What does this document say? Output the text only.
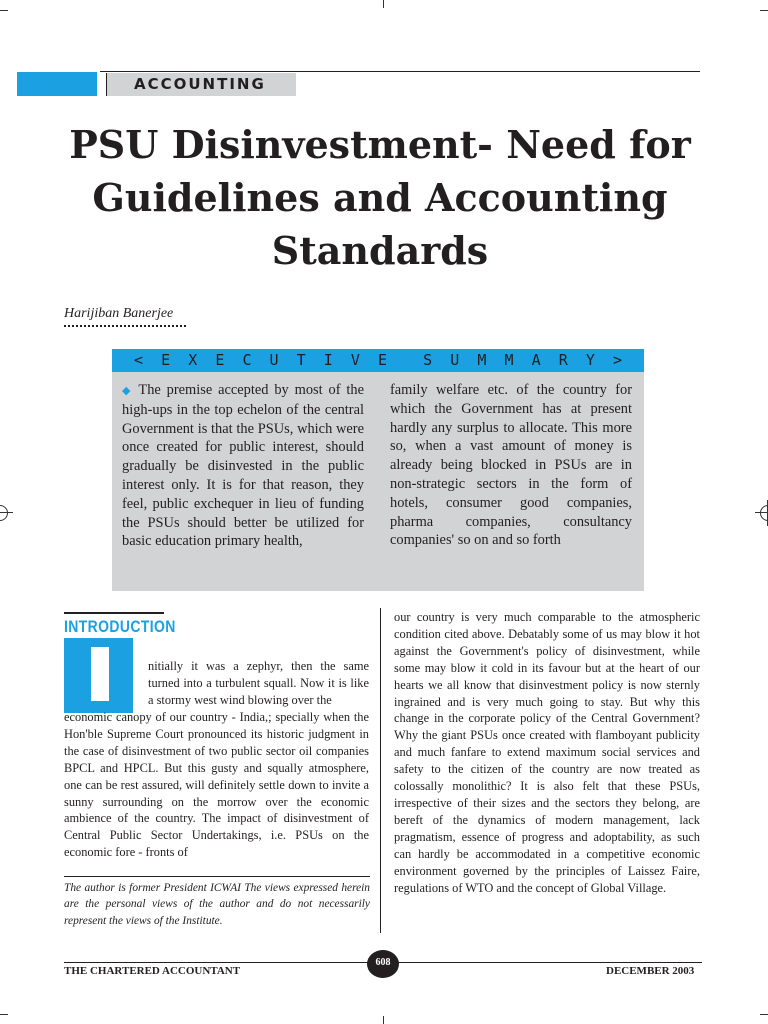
ACCOUNTING
PSU Disinvestment- Need for
Guidelines and Accounting
Standards
Harijiban Banerjee
< E X E C U T I V E S U M M A R Y >
◆ The premise accepted by most of the high-ups in the top echelon of the central Government is that the PSUs, which were once created for public interest, should gradually be disinvested in the public interest only. It is for that reason, they feel, public exchequer in lieu of funding the PSUs should better be utilized for basic education primary health,
family welfare etc. of the country for which the Government has at present hardly any surplus to allocate. This more so, when a vast amount of money is already being blocked in PSUs are in non-strategic sectors in the form of hotels, consumer good companies, pharma companies, consultancy companies' so on and so forth
INTRODUCTION
nitially it was a zephyr, then the same turned into a turbulent squall. Now it is like a stormy west wind blowing over the
economic canopy of our country - India,; specially when the Hon'ble Supreme Court pronounced its historic judgment in the case of disinvestment of two public sector oil companies BPCL and HPCL. But this gusty and squally atmosphere, one can be rest assured, will definitely settle down to invite a sunny surrounding on the morrow over the economic ambience of the country. The impact of disinvestment of Central Public Sector Undertakings, i.e. PSUs on the economic fore - fronts of
our country is very much comparable to the atmospheric condition cited above. Debatably some of us may blow it hot against the Government's policy of disinvestment, while some may blow it cold in its favour but at the heart of our hearts we all know that disinvestment policy is now sternly ingrained and is very much going to stay. But why this change in the corporate policy of the Central Government? Why the giant PSUs once created with flamboyant publicity and much fanfare to extend maximum social services and safety to the citizen of the country are now treated as colossally monolithic? It is also felt that these PSUs, irrespective of their sizes and the sectors they belong, are bereft of the dynamics of modern management, lack pragmatism, essence of progress and adoptability, as such can hardly be accommodated in a competitive economic environment governed by the principles of Laissez Faire, regulations of WTO and the concept of Global Village.
The author is former President ICWAI The views expressed herein are the personal views of the author and do not necessarily represent the views of the Institute.
THE CHARTERED ACCOUNTANT
608
DECEMBER 2003
